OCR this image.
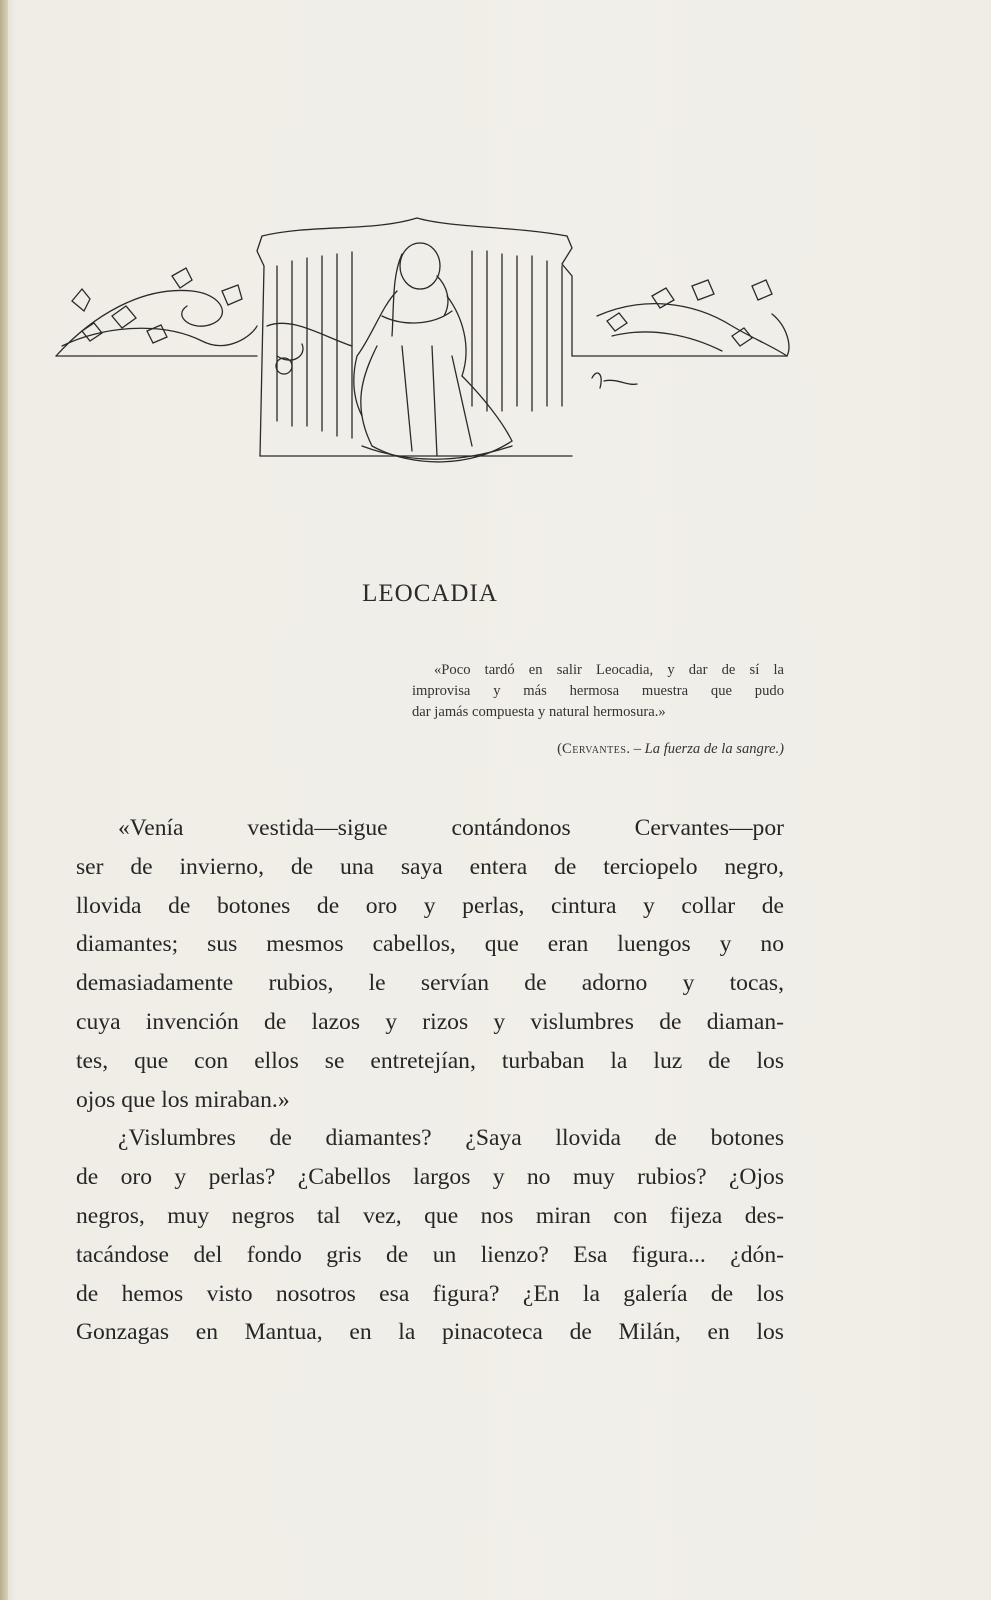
LEOCADIA
«Poco tardó en salir Leocadia, y dar de sí la
improvisa y más hermosa muestra que pudo
dar jamás compuesta y natural hermosura.»
(Cervantes. – La fuerza de la sangre.)
«Venía vestida—sigue contándonos Cervantes—por
ser de invierno, de una saya entera de terciopelo negro,
llovida de botones de oro y perlas, cintura y collar de
diamantes; sus mesmos cabellos, que eran luengos y no
demasiadamente rubios, le servían de adorno y tocas,
cuya invención de lazos y rizos y vislumbres de diaman-
tes, que con ellos se entretejían, turbaban la luz de los
ojos que los miraban.»
¿Vislumbres de diamantes? ¿Saya llovida de botones
de oro y perlas? ¿Cabellos largos y no muy rubios? ¿Ojos
negros, muy negros tal vez, que nos miran con fijeza des-
tacándose del fondo gris de un lienzo? Esa figura... ¿dón-
de hemos visto nosotros esa figura? ¿En la galería de los
Gonzagas en Mantua, en la pinacoteca de Milán, en los
